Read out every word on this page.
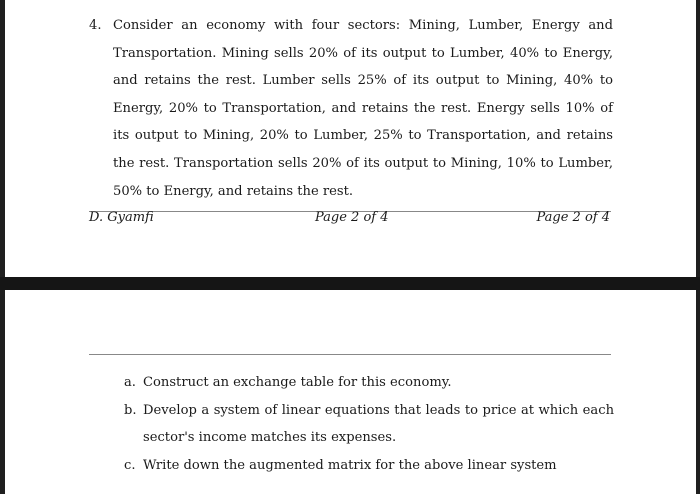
4. Consider an economy with four sectors: Mining, Lumber, Energy and Transportation. Mining sells 20% of its output to Lumber, 40% to Energy, and retains the rest. Lumber sells 25% of its output to Mining, 40% to Energy, 20% to Transportation, and retains the rest. Energy sells 10% of its output to Mining, 20% to Lumber, 25% to Transportation, and retains the rest. Transportation sells 20% of its output to Mining, 10% to Lumber, 50% to Energy, and retains the rest.
D. Gyamfi	Page 2 of 4	Page 2 of 4
a. Construct an exchange table for this economy.
b. Develop a system of linear equations that leads to price at which each sector's income matches its expenses.
c. Write down the augmented matrix for the above linear system
